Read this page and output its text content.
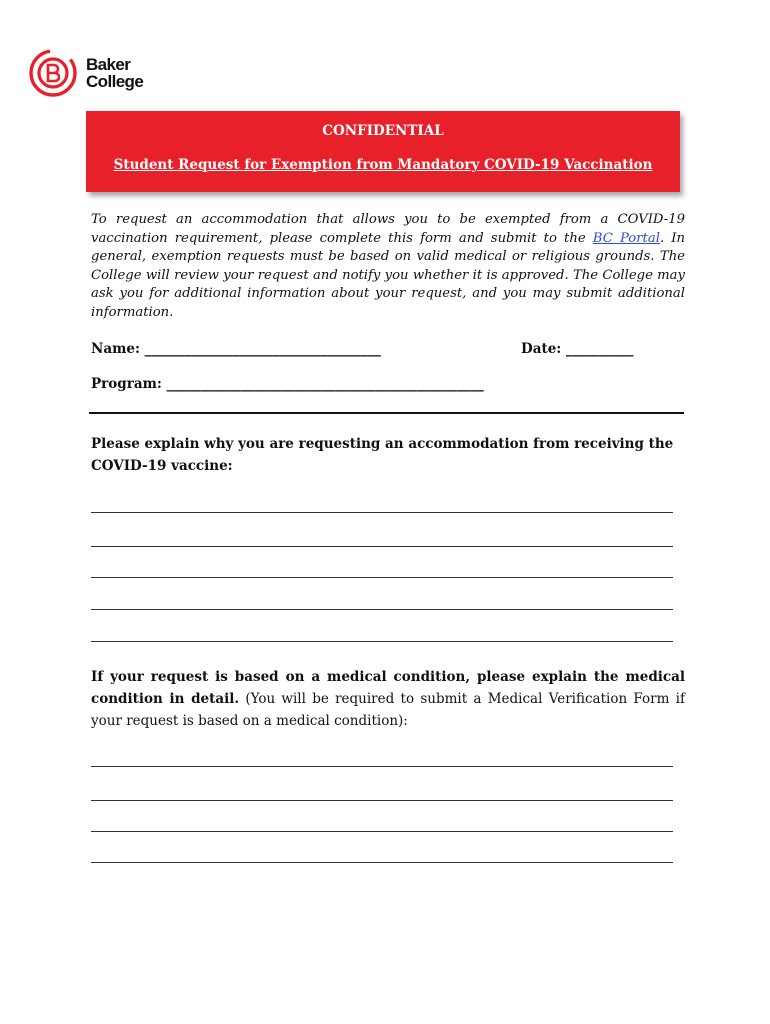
Baker
College
CONFIDENTIAL
Student Request for Exemption from Mandatory COVID-19 Vaccination

To request an accommodation that allows you to be exempted from a COVID-19 vaccination requirement, please complete this form and submit to the BC Portal. In general, exemption requests must be based on valid medical or religious grounds. The College will review your request and notify you whether it is approved. The College may ask you for additional information about your request, and you may submit additional information.

Name: ___________________________________	Date: __________
Program: _______________________________________________

Please explain why you are requesting an accommodation from receiving the COVID-19 vaccine:

If your request is based on a medical condition, please explain the medical condition in detail. (You will be required to submit a Medical Verification Form if your request is based on a medical condition):
